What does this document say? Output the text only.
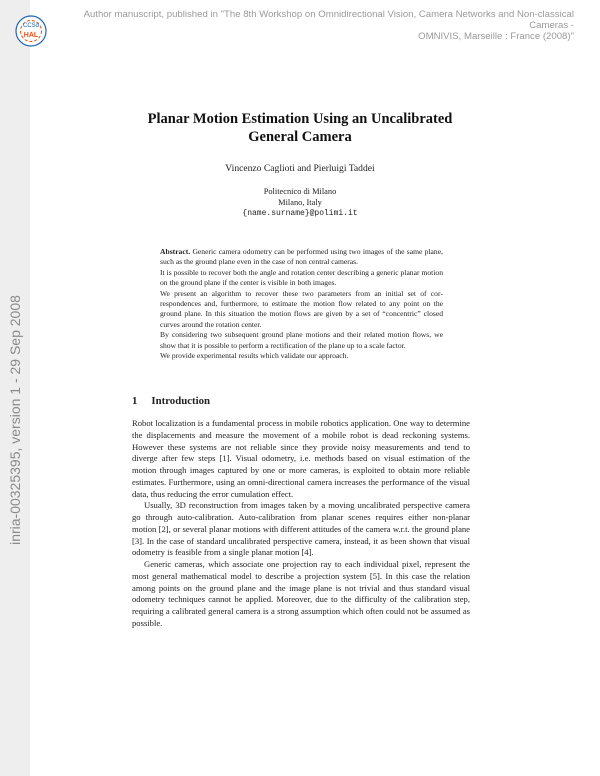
CCSd
HAL
inria-00325395, version 1 - 29 Sep 2008
Author manuscript, published in "The 8th Workshop on Omnidirectional Vision, Camera Networks and Non-classical Cameras -
OMNIVIS, Marseille : France (2008)"
Planar Motion Estimation Using an Uncalibrated
General Camera
Vincenzo Caglioti and Pierluigi Taddei
Politecnico di Milano
Milano, Italy
{name.surname}@polimi.it

Abstract. Generic camera odometry can be performed using two images of the same plane, such as the ground plane even in the case of non central cameras.

It is possible to recover both the angle and rotation center describing a generic planar motion on the ground plane if the center is visible in both images.

We present an algorithm to recover these two parameters from an initial set of correspondences and, furthermore, to estimate the motion flow related to any point on the ground plane. In this situation the motion flows are given by a set of “concentric” closed curves around the rotation center.

By considering two subsequent ground plane motions and their related motion flows, we show that it is possible to perform a rectification of the plane up to a scale factor.

We provide experimental results which validate our approach.

1 Introduction

Robot localization is a fundamental process in mobile robotics application. One way to determine the displacements and measure the movement of a mobile robot is dead reckoning systems. However these systems are not reliable since they provide noisy measurements and tend to diverge after few steps [1]. Visual odometry, i.e. methods based on visual estimation of the motion through images captured by one or more cameras, is exploited to obtain more reliable estimates. Furthermore, using an omni-directional camera increases the performance of the visual data, thus reducing the error cumulation effect.

Usually, 3D reconstruction from images taken by a moving uncalibrated perspective camera go through auto-calibration. Auto-calibration from planar scenes requires either non-planar motion [2], or several planar motions with different attitudes of the camera w.r.t. the ground plane [3]. In the case of standard uncalibrated perspective camera, instead, it as been shown that visual odometry is feasible from a single planar motion [4].

Generic cameras, which associate one projection ray to each individual pixel, represent the most general mathematical model to describe a projection system [5]. In this case the relation among points on the ground plane and the image plane is not trivial and thus standard visual odometry techniques cannot be applied. Moreover, due to the difficulty of the calibration step, requiring a calibrated general camera is a strong assumption which often could not be assumed as possible.
